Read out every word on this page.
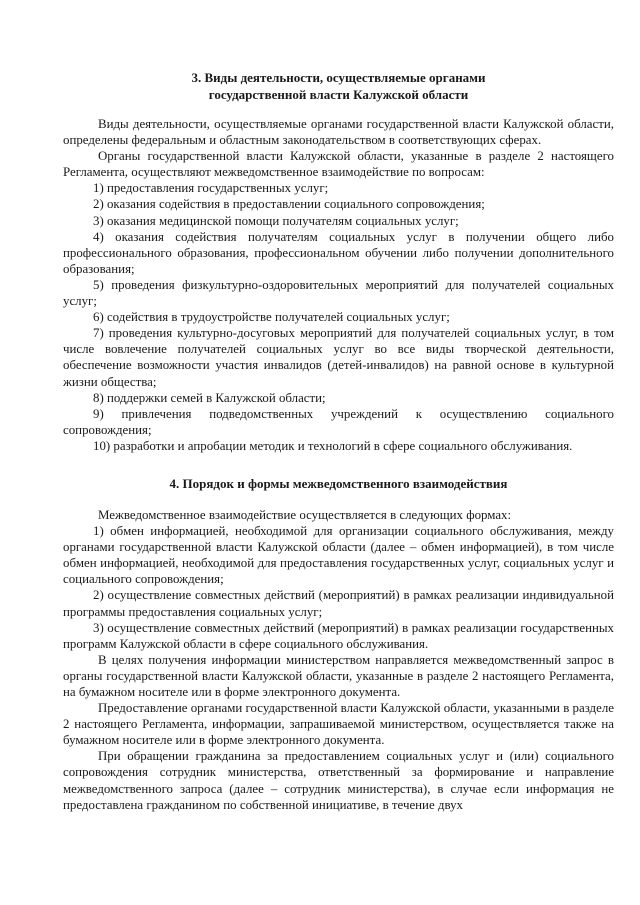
3. Виды деятельности, осуществляемые органами
государственной власти Калужской области

Виды деятельности, осуществляемые органами государственной власти Калужской области, определены федеральным и областным законодательством в соответствующих сферах.

Органы государственной власти Калужской области, указанные в разделе 2 настоящего Регламента, осуществляют межведомственное взаимодействие по вопросам:

1) предоставления государственных услуг;

2) оказания содействия в предоставлении социального сопровождения;

3) оказания медицинской помощи получателям социальных услуг;

4) оказания содействия получателям социальных услуг в получении общего либо профессионального образования, профессиональном обучении либо получении дополнительного образования;

5) проведения физкультурно-оздоровительных мероприятий для получателей социальных услуг;

6) содействия в трудоустройстве получателей социальных услуг;

7) проведения культурно-досуговых мероприятий для получателей социальных услуг, в том числе вовлечение получателей социальных услуг во все виды творческой деятельности, обеспечение возможности участия инвалидов (детей-инвалидов) на равной основе в культурной жизни общества;

8) поддержки семей в Калужской области;

9) привлечения подведомственных учреждений к осуществлению социального сопровождения;

10) разработки и апробации методик и технологий в сфере социального обслуживания.

4. Порядок и формы межведомственного взаимодействия

Межведомственное взаимодействие осуществляется в следующих формах:

1) обмен информацией, необходимой для организации социального обслуживания, между органами государственной власти Калужской области (далее – обмен информацией), в том числе обмен информацией, необходимой для предоставления государственных услуг, социальных услуг и социального сопровождения;

2) осуществление совместных действий (мероприятий) в рамках реализации индивидуальной программы предоставления социальных услуг;

3) осуществление совместных действий (мероприятий) в рамках реализации государственных программ Калужской области в сфере социального обслуживания.

В целях получения информации министерством направляется межведомственный запрос в органы государственной власти Калужской области, указанные в разделе 2 настоящего Регламента, на бумажном носителе или в форме электронного документа.

Предоставление органами государственной власти Калужской области, указанными в разделе 2 настоящего Регламента, информации, запрашиваемой министерством, осуществляется также на бумажном носителе или в форме электронного документа.

При обращении гражданина за предоставлением социальных услуг и (или) социального сопровождения сотрудник министерства, ответственный за формирование и направление межведомственного запроса (далее – сотрудник министерства), в случае если информация не предоставлена гражданином по собственной инициативе, в течение двух
